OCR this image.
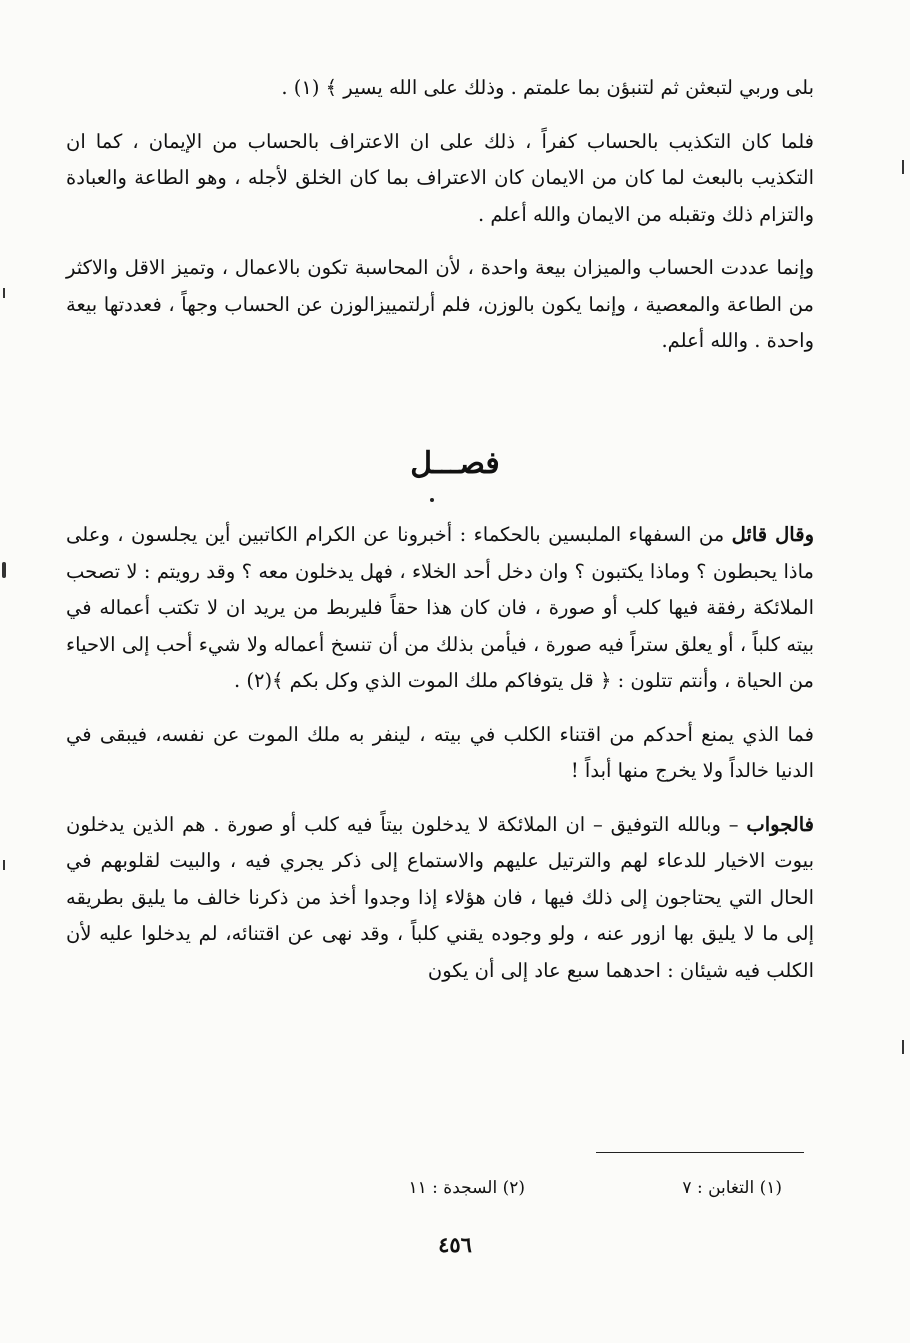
بلى وربي لتبعثن ثم لتنبؤن بما علمتم . وذلك على الله يسير ﴾ (١) .

فلما كان التكذيب بالحساب كفراً ، ذلك على ان الاعتراف بالحساب من الإيمان ، كما ان التكذيب بالبعث لما كان من الايمان كان الاعتراف بما كان الخلق لأجله ، وهو الطاعة والعبادة والتزام ذلك وتقبله من الايمان والله أعلم .

وإنما عددت الحساب والميزان بيعة واحدة ، لأن المحاسبة تكون بالاعمال ، وتميز الاقل والاكثر من الطاعة والمعصية ، وإنما يكون بالوزن، فلم أرلتمييزالوزن عن الحساب وجهاً ، فعددتها بيعة واحدة . والله أعلم.

فصـــل

وقال قائل من السفهاء الملبسين بالحكماء : أخبرونا عن الكرام الكاتبين أين يجلسون ، وعلى ماذا يحبطون ؟ وماذا يكتبون ؟ وان دخل أحد الخلاء ، فهل يدخلون معه ؟ وقد رويتم : لا تصحب الملائكة رفقة فيها كلب أو صورة ، فان كان هذا حقاً فليربط من يريد ان لا تكتب أعماله في بيته كلباً ، أو يعلق ستراً فيه صورة ، فيأمن بذلك من أن تنسخ أعماله ولا شيء أحب إلى الاحياء من الحياة ، وأنتم تتلون : ﴿ قل يتوفاكم ملك الموت الذي وكل بكم ﴾(٢) .

فما الذي يمنع أحدكم من اقتناء الكلب في بيته ، لينفر به ملك الموت عن نفسه، فيبقى في الدنيا خالداً ولا يخرج منها أبداً !

فالجواب – وبالله التوفيق – ان الملائكة لا يدخلون بيتاً فيه كلب أو صورة . هم الذين يدخلون بيوت الاخيار للدعاء لهم والترتيل عليهم والاستماع إلى ذكر يجري فيه ، والبيت لقلوبهم في الحال التي يحتاجون إلى ذلك فيها ، فان هؤلاء إذا وجدوا أخذ من ذكرنا خالف ما يليق بطريقه إلى ما لا يليق بها ازور عنه ، ولو وجوده يقني كلباً ، وقد نهى عن اقتنائه، لم يدخلوا عليه لأن الكلب فيه شيئان : احدهما سبع عاد إلى أن يكون

(١) التغابن : ٧
(٢) السجدة : ١١
٤٥٦
